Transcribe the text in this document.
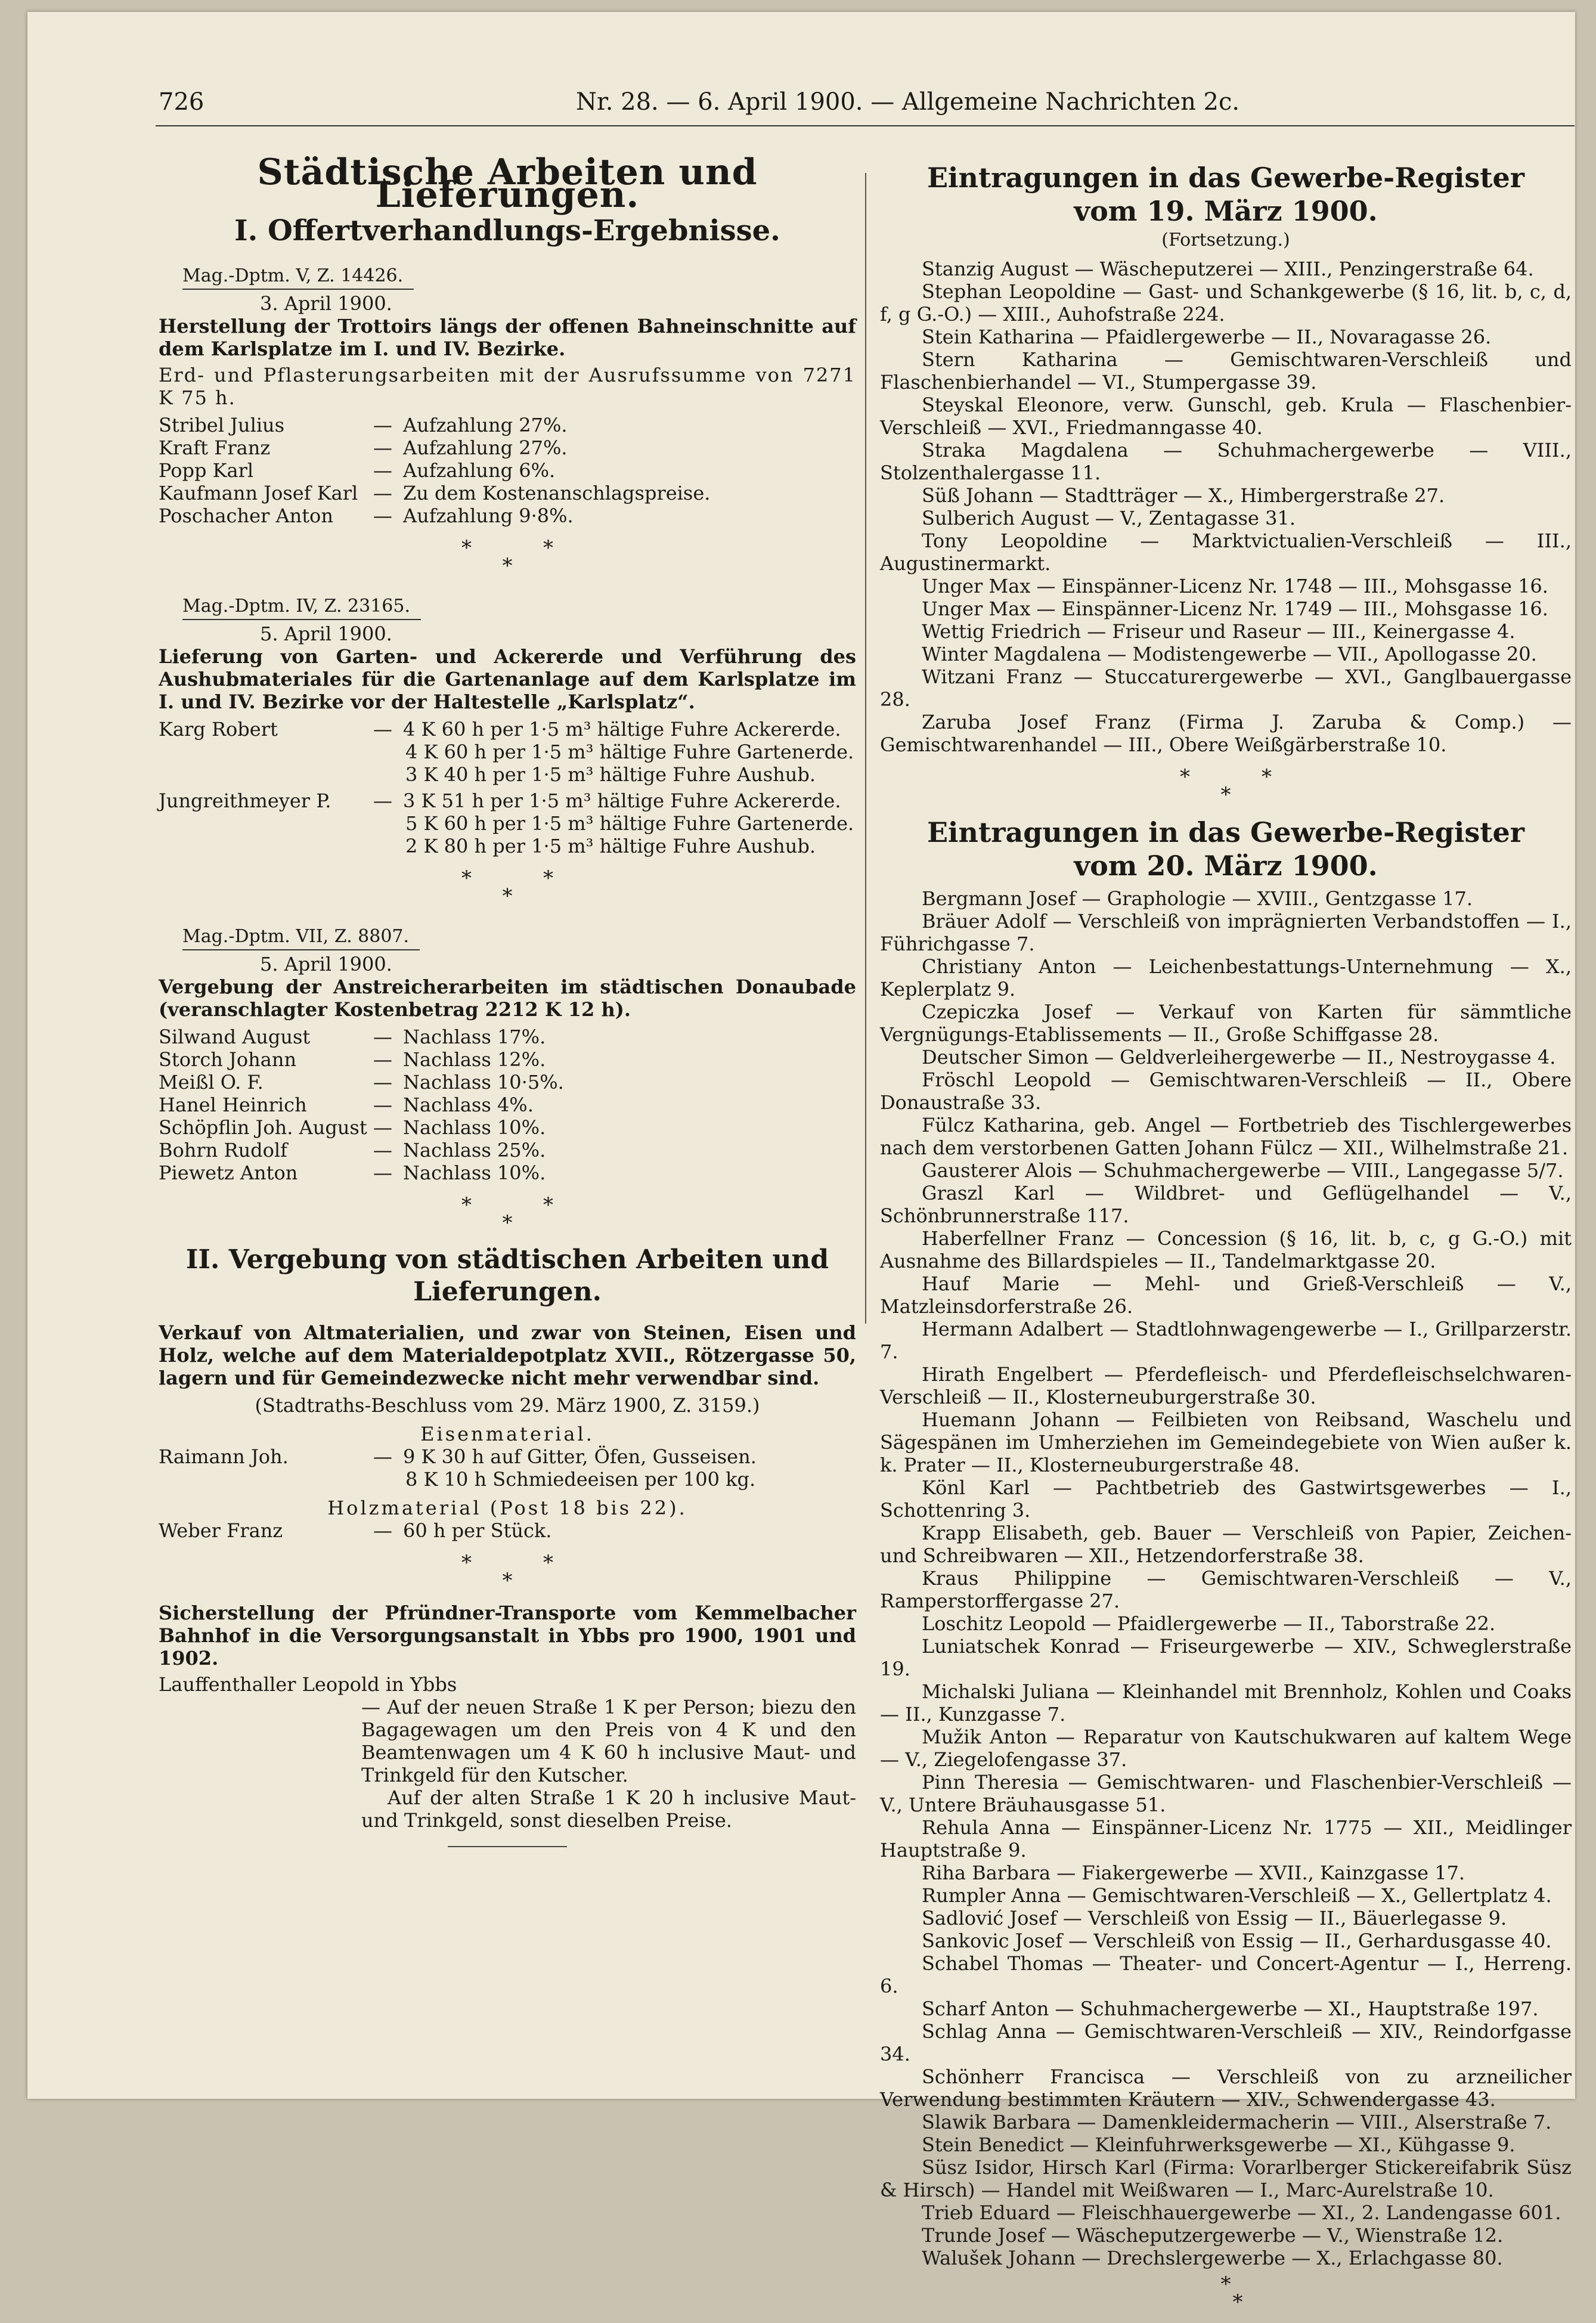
726	Nr. 28. — 6. April 1900. — Allgemeine Nachrichten 2c.
Städtische Arbeiten und Lieferungen.
I. Offertverhandlungs-Ergebnisse.
Mag.-Dptm. V, Z. 14426.
3. April 1900.
Herstellung der Trottoirs längs der offenen Bahneinschnitte auf dem Karlsplatze im I. und IV. Bezirke.
Erd- und Pflasterungsarbeiten mit der Ausrufssumme von 7271 K 75 h.
Stribel Julius	— Aufzahlung 27%.
Kraft Franz	— Aufzahlung 27%.
Popp Karl	— Aufzahlung 6%.
Kaufmann Josef Karl — Zu dem Kostenanschlagspreise.
Poschacher Anton	— Aufzahlung 9·8%.
*	*
*
Mag.-Dptm. IV, Z. 23165.
5. April 1900.
Lieferung von Garten- und Ackererde und Verführung des Aushubmateriales für die Gartenanlage auf dem Karlsplatze im I. und IV. Bezirke vor der Haltestelle „Karlsplatz“.
Karg Robert	— 4 K 60 h per 1·5 m³ hältige Fuhre Ackererde.
4 K 60 h per 1·5 m³ hältige Fuhre Gartenerde.
3 K 40 h per 1·5 m³ hältige Fuhre Aushub.
Jungreithmeyer P.	— 3 K 51 h per 1·5 m³ hältige Fuhre Ackererde.
5 K 60 h per 1·5 m³ hältige Fuhre Gartenerde.
2 K 80 h per 1·5 m³ hältige Fuhre Aushub.
*	*
*
Mag.-Dptm. VII, Z. 8807.
5. April 1900.
Vergebung der Anstreicherarbeiten im städtischen Donaubade (veranschlagter Kostenbetrag 2212 K 12 h).
Silwand August	— Nachlass 17%.
Storch Johann	— Nachlass 12%.
Meißl O. F.	— Nachlass 10·5%.
Hanel Heinrich	— Nachlass 4%.
Schöpflin Joh. August — Nachlass 10%.
Bohrn Rudolf	— Nachlass 25%.
Piewetz Anton	— Nachlass 10%.
*	*
*
II. Vergebung von städtischen Arbeiten und Lieferungen.
Verkauf von Altmaterialien, und zwar von Steinen, Eisen und Holz, welche auf dem Materialdepotplatz XVII., Rötzergasse 50, lagern und für Gemeindezwecke nicht mehr verwendbar sind.
(Stadtraths-Beschluss vom 29. März 1900, Z. 3159.)
Eisenmaterial.
Raimann Joh.	— 9 K 30 h auf Gitter, Öfen, Gusseisen.
8 K 10 h Schmiedeeisen per 100 kg.
Holzmaterial (Post 18 bis 22).
Weber Franz	— 60 h per Stück.
*	*
*
Sicherstellung der Pfründner-Transporte vom Kemmelbacher Bahnhof in die Versorgungsanstalt in Ybbs pro 1900, 1901 und 1902.
Lauffenthaller Leopold in Ybbs
— Auf der neuen Straße 1 K per Person; biezu den Bagagewagen um den Preis von 4 K und den Beamtenwagen um 4 K 60 h inclusive Maut- und Trinkgeld für den Kutscher.
Auf der alten Straße 1 K 20 h inclusive Maut- und Trinkgeld, sonst dieselben Preise.
Eintragungen in das Gewerbe-Register
vom 19. März 1900.
(Fortsetzung.)
Stanzig August — Wäscheputzerei — XIII., Penzingerstraße 64.
Stephan Leopoldine — Gast- und Schankgewerbe (§ 16, lit. b, c, d, f, g G.-O.) — XIII., Auhofstraße 224.
Stein Katharina — Pfaidlergewerbe — II., Novaragasse 26.
Stern Katharina — Gemischtwaren-Verschleiß und Flaschenbierhandel — VI., Stumpergasse 39.
Steyskal Eleonore, verw. Gunschl, geb. Krula — Flaschenbier-Verschleiß — XVI., Friedmanngasse 40.
Straka Magdalena — Schuhmachergewerbe — VIII., Stolzenthalergasse 11.
Süß Johann — Stadtträger — X., Himbergerstraße 27.
Sulberich August — V., Zentagasse 31.
Tony Leopoldine — Marktvictualien-Verschleiß — III., Augustinermarkt.
Unger Max — Einspänner-Licenz Nr. 1748 — III., Mohsgasse 16.
Unger Max — Einspänner-Licenz Nr. 1749 — III., Mohsgasse 16.
Wettig Friedrich — Friseur und Raseur — III., Keinergasse 4.
Winter Magdalena — Modistengewerbe — VII., Apollogasse 20.
Witzani Franz — Stuccaturergewerbe — XVI., Ganglbauergasse 28.
Zaruba Josef Franz (Firma J. Zaruba & Comp.) — Gemischtwarenhandel — III., Obere Weißgärberstraße 10.
*	*
*
Eintragungen in das Gewerbe-Register
vom 20. März 1900.
Bergmann Josef — Graphologie — XVIII., Gentzgasse 17.
Bräuer Adolf — Verschleiß von imprägnierten Verbandstoffen — I., Führichgasse 7.
Christiany Anton — Leichenbestattungs-Unternehmung — X., Keplerplatz 9.
Czepiczka Josef — Verkauf von Karten für sämmtliche Vergnügungs-Etablissements — II., Große Schiffgasse 28.
Deutscher Simon — Geldverleihergewerbe — II., Nestroygasse 4.
Fröschl Leopold — Gemischtwaren-Verschleiß — II., Obere Donaustraße 33.
Fülcz Katharina, geb. Angel — Fortbetrieb des Tischlergewerbes nach dem verstorbenen Gatten Johann Fülcz — XII., Wilhelmstraße 21.
Gausterer Alois — Schuhmachergewerbe — VIII., Langegasse 5/7.
Graszl Karl — Wildbret- und Geflügelhandel — V., Schönbrunnerstraße 117.
Haberfellner Franz — Concession (§ 16, lit. b, c, g G.-O.) mit Ausnahme des Billardspieles — II., Tandelmarktgasse 20.
Hauf Marie — Mehl- und Grieß-Verschleiß — V., Matzleinsdorferstraße 26.
Hermann Adalbert — Stadtlohnwagengewerbe — I., Grillparzerstr. 7.
Hirath Engelbert — Pferdefleisch- und Pferdefleischselchwaren-Verschleiß — II., Klosterneuburgerstraße 30.
Huemann Johann — Feilbieten von Reibsand, Waschelu und Sägespänen im Umherziehen im Gemeindegebiete von Wien außer k. k. Prater — II., Klosterneuburgerstraße 48.
Könl Karl — Pachtbetrieb des Gastwirtsgewerbes — I., Schottenring 3.
Krapp Elisabeth, geb. Bauer — Verschleiß von Papier, Zeichen- und Schreibwaren — XII., Hetzendorferstraße 38.
Kraus Philippine — Gemischtwaren-Verschleiß — V., Ramperstorffergasse 27.
Loschitz Leopold — Pfaidlergewerbe — II., Taborstraße 22.
Luniatschek Konrad — Friseurgewerbe — XIV., Schweglerstraße 19.
Michalski Juliana — Kleinhandel mit Brennholz, Kohlen und Coaks — II., Kunzgasse 7.
Mužik Anton — Reparatur von Kautschukwaren auf kaltem Wege — V., Ziegelofengasse 37.
Pinn Theresia — Gemischtwaren- und Flaschenbier-Verschleiß — V., Untere Bräuhausgasse 51.
Rehula Anna — Einspänner-Licenz Nr. 1775 — XII., Meidlinger Hauptstraße 9.
Riha Barbara — Fiakergewerbe — XVII., Kainzgasse 17.
Rumpler Anna — Gemischtwaren-Verschleiß — X., Gellertplatz 4.
Sadlović Josef — Verschleiß von Essig — II., Bäuerlegasse 9.
Sankovic Josef — Verschleiß von Essig — II., Gerhardusgasse 40.
Schabel Thomas — Theater- und Concert-Agentur — I., Herreng. 6.
Scharf Anton — Schuhmachergewerbe — XI., Hauptstraße 197.
Schlag Anna — Gemischtwaren-Verschleiß — XIV., Reindorfgasse 34.
Schönherr Franciscа — Verschleiß von zu arzneilicher Verwendung bestimmten Kräutern — XIV., Schwendergasse 43.
Slawik Barbara — Damenkleidermacherin — VIII., Alserstraße 7.
Stein Benedict — Kleinfuhrwerksgewerbe — XI., Kühgasse 9.
Süsz Isidor, Hirsch Karl (Firma: Vorarlberger Stickereifabrik Süsz & Hirsch) — Handel mit Weißwaren — I., Marc-Aurelstraße 10.
Trieb Eduard — Fleischhauergewerbe — XI., 2. Landengasse 601.
Trunde Josef — Wäscheputzergewerbe — V., Wienstraße 12.
Walušek Johann — Drechslergewerbe — X., Erlachgasse 80.
*
*
